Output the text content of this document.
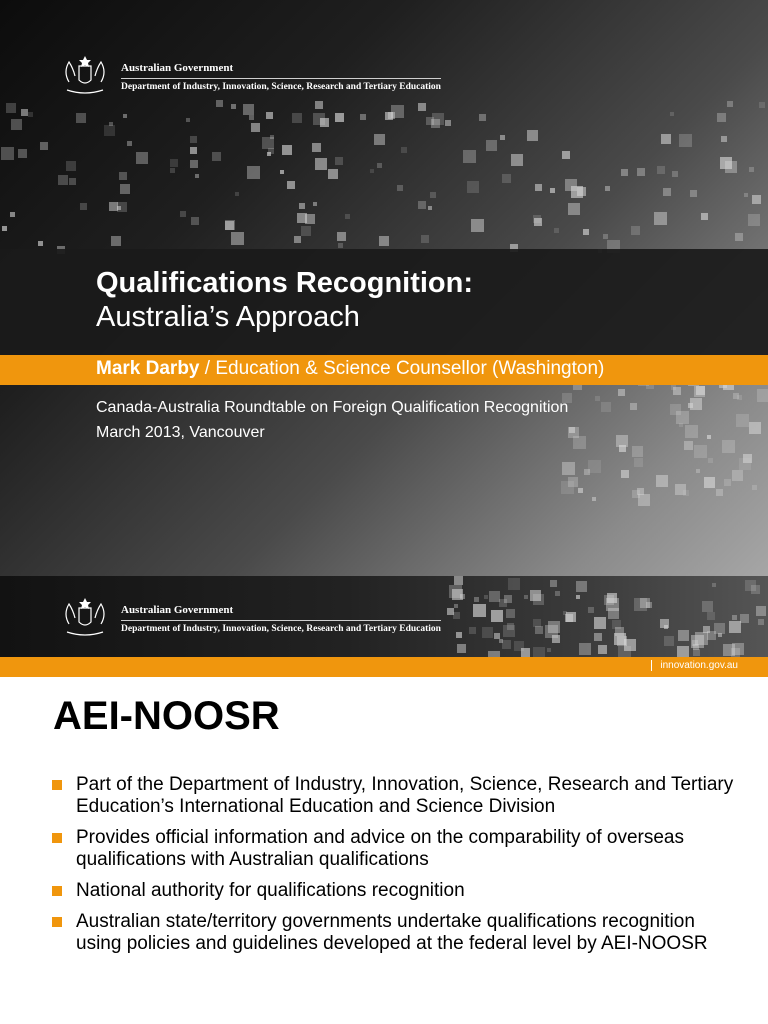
Australian Government
Department of Industry, Innovation, Science, Research and Tertiary Education
Qualifications Recognition:
Australia’s Approach
Mark Darby / Education & Science Counsellor (Washington)
Canada-Australia Roundtable on Foreign Qualification Recognition
March 2013, Vancouver
Australian Government
Department of Industry, Innovation, Science, Research and Tertiary Education
innovation.gov.au
AEI-NOOSR
Part of the Department of Industry, Innovation, Science, Research and Tertiary Education’s International Education and Science Division
Provides official information and advice on the comparability of overseas qualifications with Australian qualifications
National authority for qualifications recognition
Australian state/territory governments undertake qualifications recognition using policies and guidelines developed at the federal level by AEI-NOOSR
